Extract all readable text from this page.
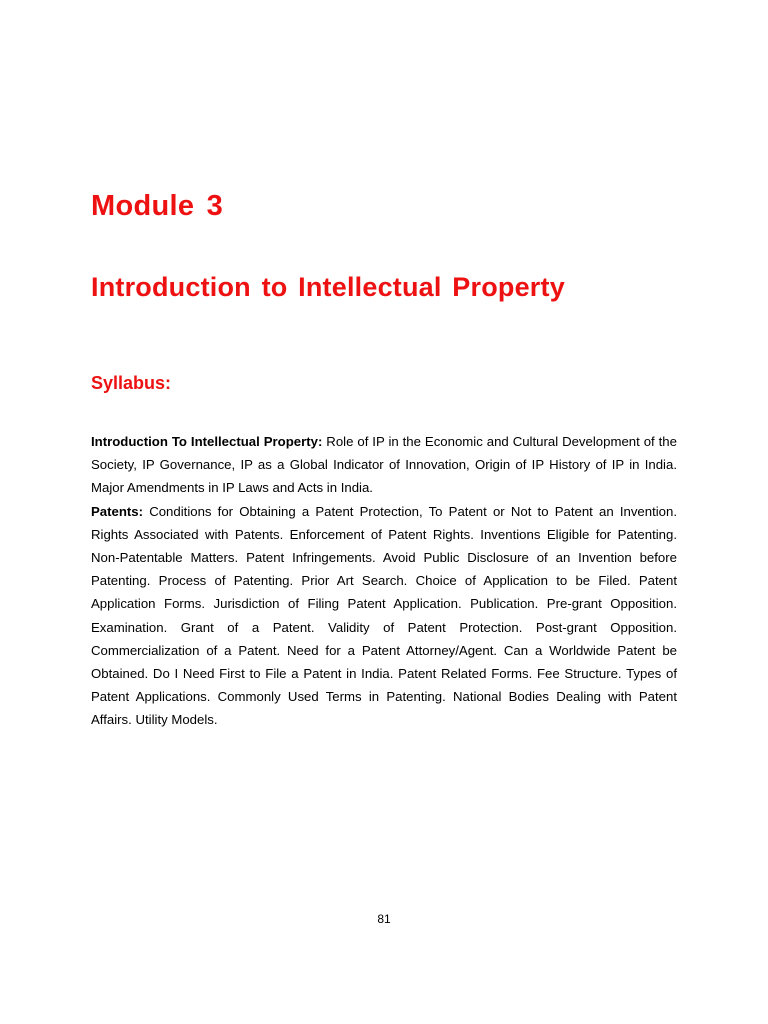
Module 3
Introduction to Intellectual Property
Syllabus:

Introduction To Intellectual Property: Role of IP in the Economic and Cultural Development of the Society, IP Governance, IP as a Global Indicator of Innovation, Origin of IP History of IP in India. Major Amendments in IP Laws and Acts in India.

Patents: Conditions for Obtaining a Patent Protection, To Patent or Not to Patent an Invention. Rights Associated with Patents. Enforcement of Patent Rights. Inventions Eligible for Patenting. Non-Patentable Matters. Patent Infringements. Avoid Public Disclosure of an Invention before Patenting. Process of Patenting. Prior Art Search. Choice of Application to be Filed. Patent Application Forms. Jurisdiction of Filing Patent Application. Publication. Pre-grant Opposition. Examination. Grant of a Patent. Validity of Patent Protection. Post-grant Opposition. Commercialization of a Patent. Need for a Patent Attorney/Agent. Can a Worldwide Patent be Obtained. Do I Need First to File a Patent in India. Patent Related Forms. Fee Structure. Types of Patent Applications. Commonly Used Terms in Patenting. National Bodies Dealing with Patent Affairs. Utility Models.

81
